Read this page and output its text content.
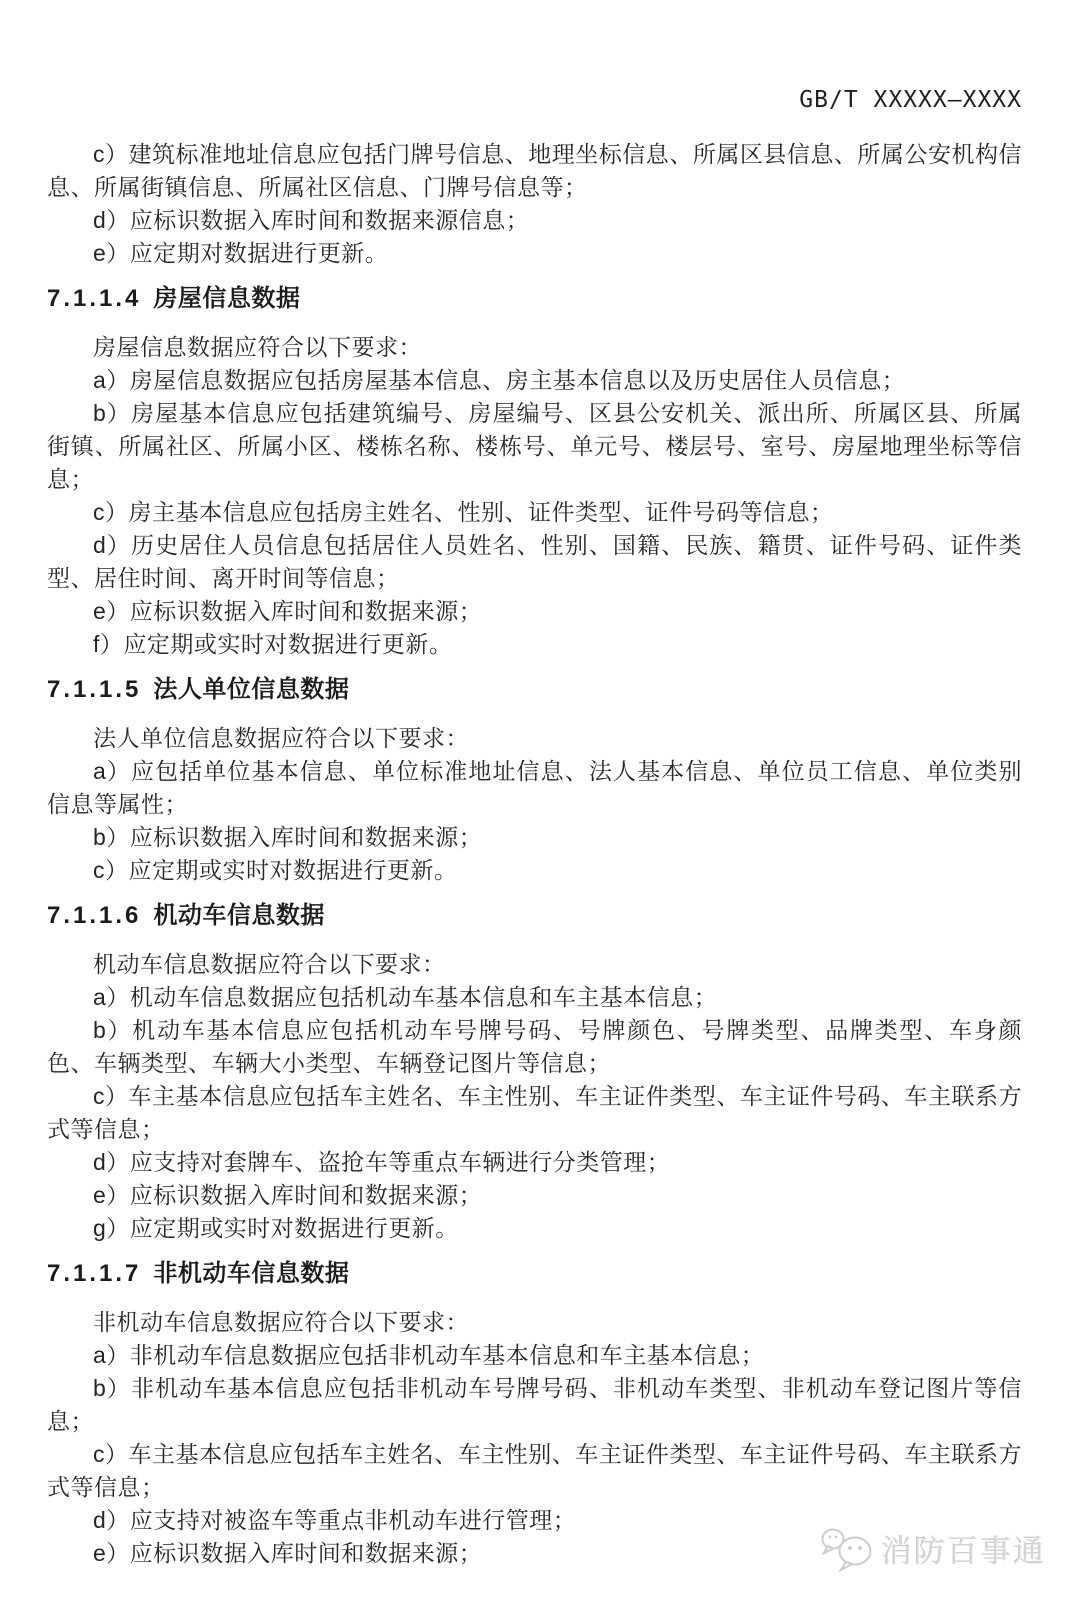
GB/T XXXXX—XXXX

c）建筑标准地址信息应包括门牌号信息、地理坐标信息、所属区县信息、所属公安机构信息、所属街镇信息、所属社区信息、门牌号信息等；

d）应标识数据入库时间和数据来源信息；

e）应定期对数据进行更新。

7.1.1.4 房屋信息数据

房屋信息数据应符合以下要求：

a）房屋信息数据应包括房屋基本信息、房主基本信息以及历史居住人员信息；

b）房屋基本信息应包括建筑编号、房屋编号、区县公安机关、派出所、所属区县、所属街镇、所属社区、所属小区、楼栋名称、楼栋号、单元号、楼层号、室号、房屋地理坐标等信息；

c）房主基本信息应包括房主姓名、性别、证件类型、证件号码等信息；

d）历史居住人员信息包括居住人员姓名、性别、国籍、民族、籍贯、证件号码、证件类型、居住时间、离开时间等信息；

e）应标识数据入库时间和数据来源；

f）应定期或实时对数据进行更新。

7.1.1.5 法人单位信息数据

法人单位信息数据应符合以下要求：

a）应包括单位基本信息、单位标准地址信息、法人基本信息、单位员工信息、单位类别信息等属性；

b）应标识数据入库时间和数据来源；

c）应定期或实时对数据进行更新。

7.1.1.6 机动车信息数据

机动车信息数据应符合以下要求：

a）机动车信息数据应包括机动车基本信息和车主基本信息；

b）机动车基本信息应包括机动车号牌号码、号牌颜色、号牌类型、品牌类型、车身颜色、车辆类型、车辆大小类型、车辆登记图片等信息；

c）车主基本信息应包括车主姓名、车主性别、车主证件类型、车主证件号码、车主联系方式等信息；

d）应支持对套牌车、盗抢车等重点车辆进行分类管理；

e）应标识数据入库时间和数据来源；

g）应定期或实时对数据进行更新。

7.1.1.7 非机动车信息数据

非机动车信息数据应符合以下要求：

a）非机动车信息数据应包括非机动车基本信息和车主基本信息；

b）非机动车基本信息应包括非机动车号牌号码、非机动车类型、非机动车登记图片等信息；

c）车主基本信息应包括车主姓名、车主性别、车主证件类型、车主证件号码、车主联系方式等信息；

d）应支持对被盗车等重点非机动车进行管理；

e）应标识数据入库时间和数据来源；	消防百事通
